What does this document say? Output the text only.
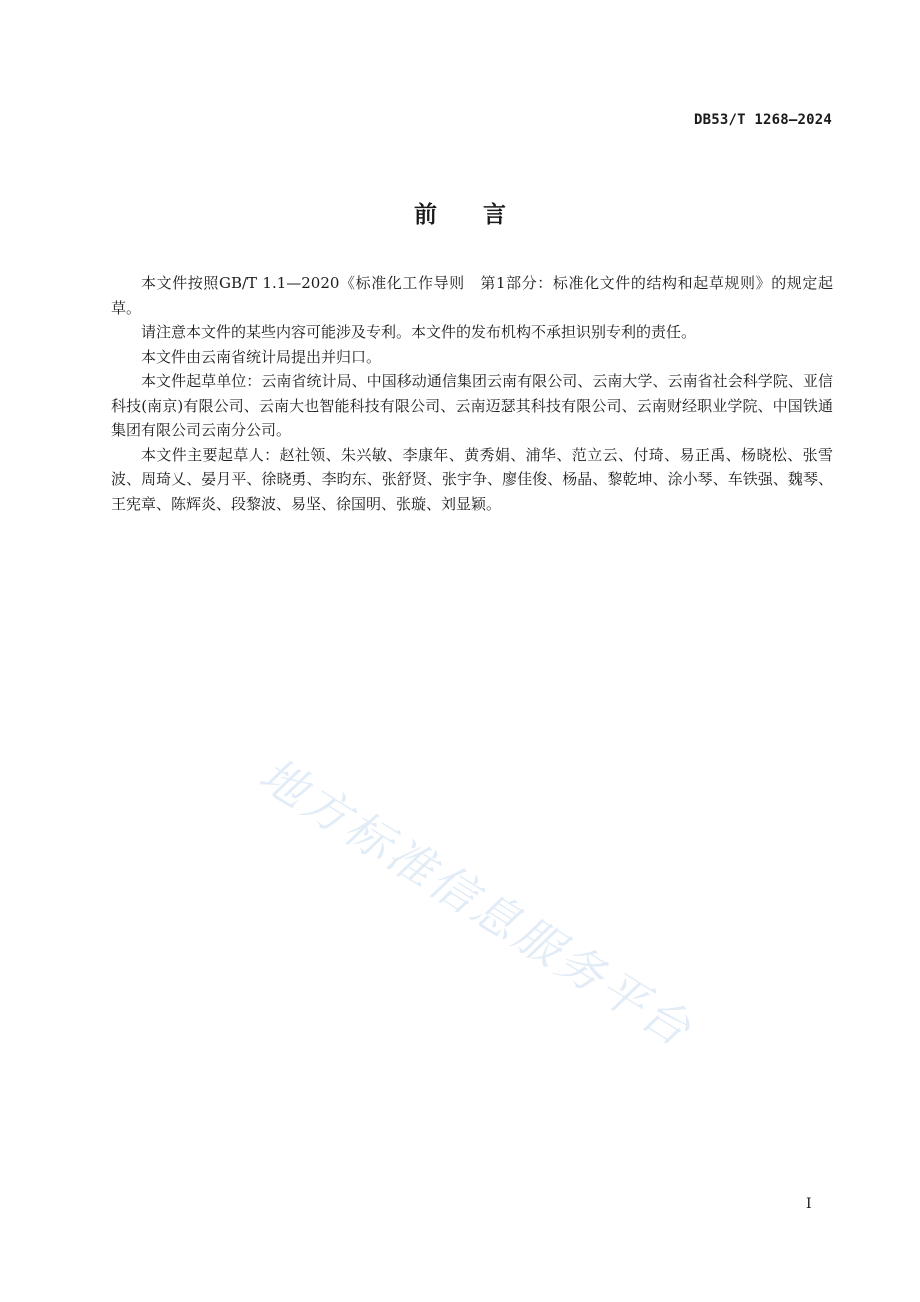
DB53/T 1268—2024
前言

本文件按照GB/T 1.1—2020《标准化工作导则　第1部分：标准化文件的结构和起草规则》的规定起草。

请注意本文件的某些内容可能涉及专利。本文件的发布机构不承担识别专利的责任。

本文件由云南省统计局提出并归口。

本文件起草单位：云南省统计局、中国移动通信集团云南有限公司、云南大学、云南省社会科学院、亚信科技(南京)有限公司、云南大也智能科技有限公司、云南迈瑟其科技有限公司、云南财经职业学院、中国铁通集团有限公司云南分公司。

本文件主要起草人：赵社领、朱兴敏、李康年、黄秀娟、浦华、范立云、付琦、易正禹、杨晓松、张雪波、周琦乂、晏月平、徐晓勇、李昀东、张舒贤、张宇争、廖佳俊、杨晶、黎乾坤、涂小琴、车铁强、魏琴、王宪章、陈辉炎、段黎波、易坚、徐国明、张璇、刘显颖。

地方标准信息服务平台
I
